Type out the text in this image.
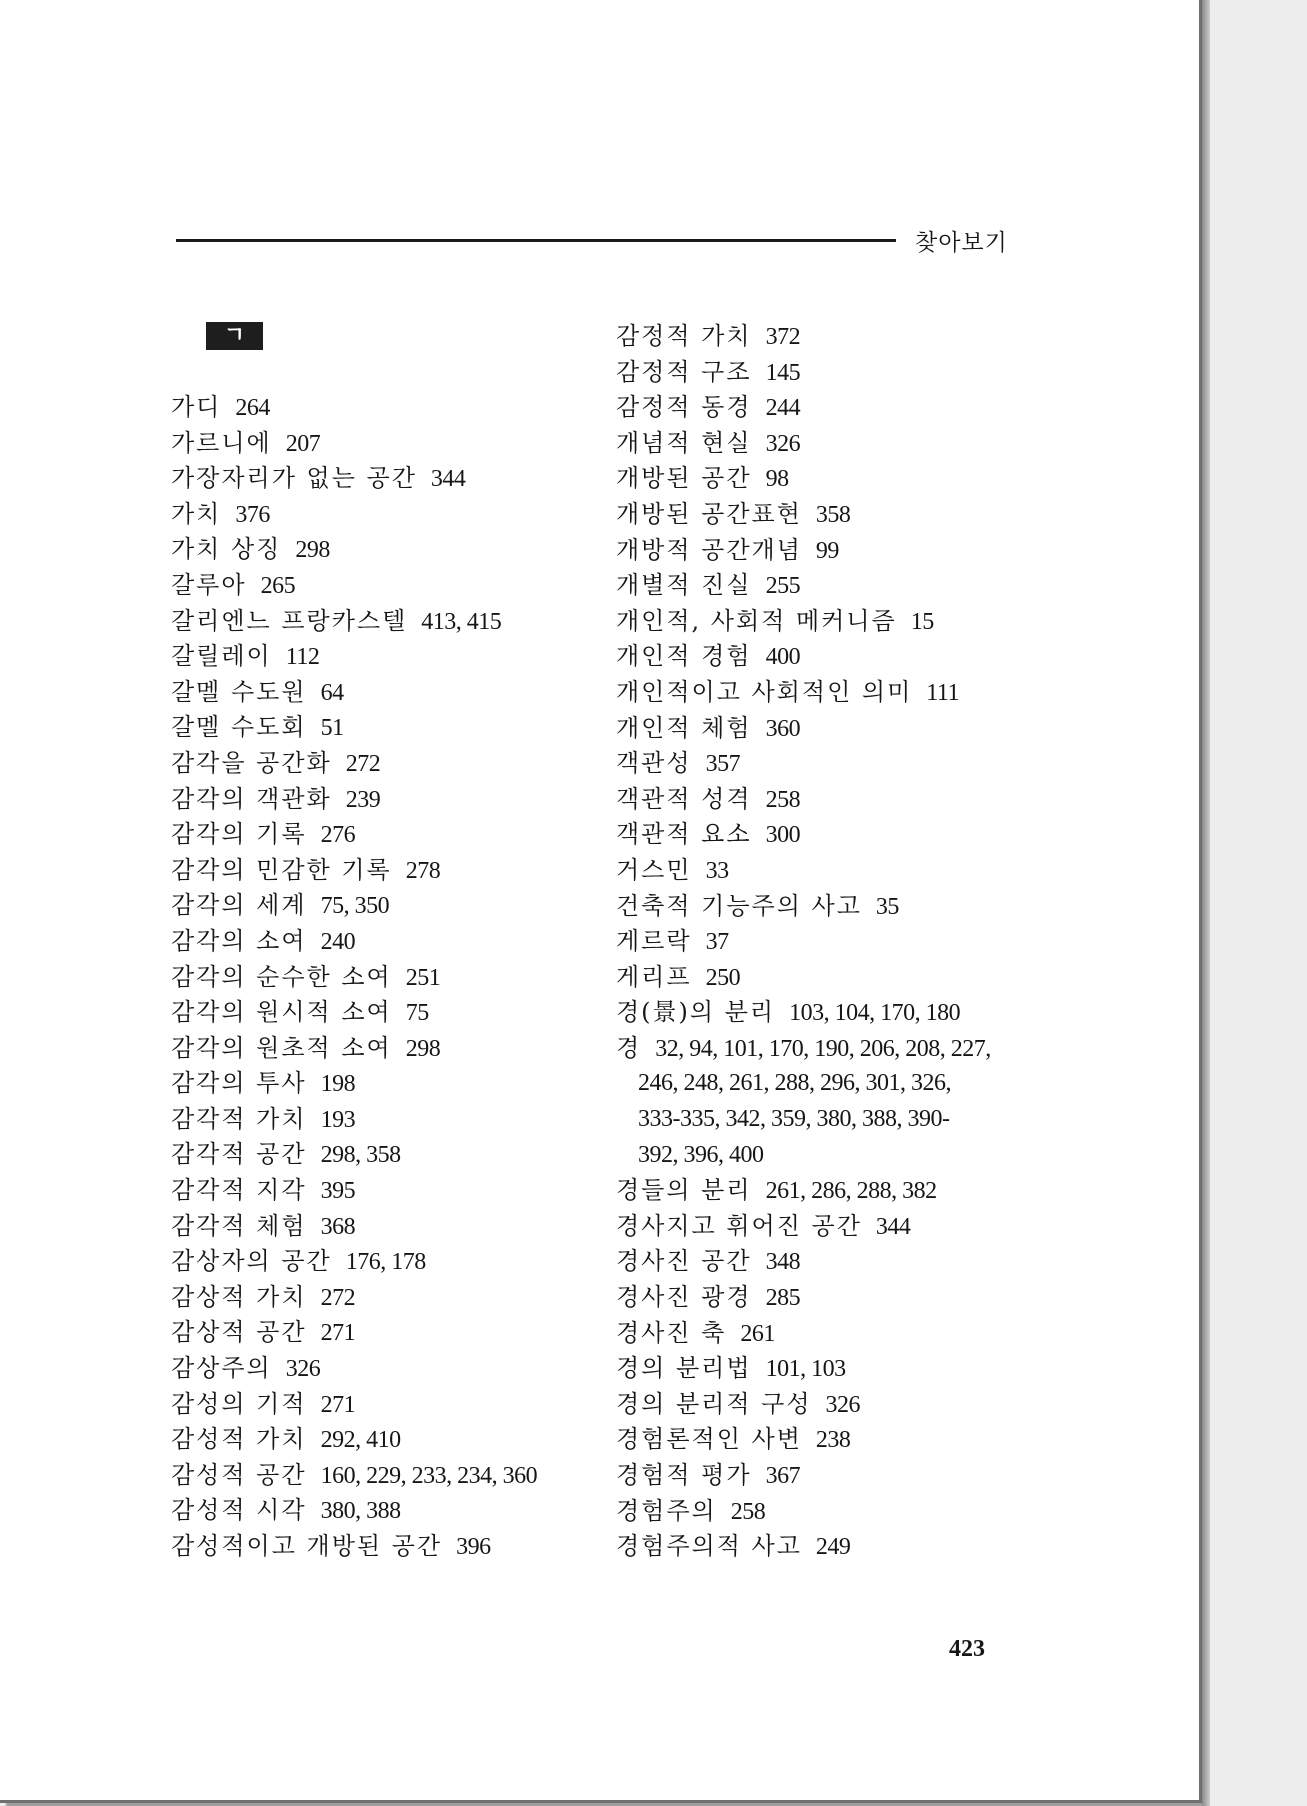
찾아보기
ㄱ
가디 264
가르니에 207
가장자리가 없는 공간 344
가치 376
가치 상징 298
갈루아 265
갈리엔느 프랑카스텔 413, 415
갈릴레이 112
갈멜 수도원 64
갈멜 수도회 51
감각을 공간화 272
감각의 객관화 239
감각의 기록 276
감각의 민감한 기록 278
감각의 세계 75, 350
감각의 소여 240
감각의 순수한 소여 251
감각의 원시적 소여 75
감각의 원초적 소여 298
감각의 투사 198
감각적 가치 193
감각적 공간 298, 358
감각적 지각 395
감각적 체험 368
감상자의 공간 176, 178
감상적 가치 272
감상적 공간 271
감상주의 326
감성의 기적 271
감성적 가치 292, 410
감성적 공간 160, 229, 233, 234, 360
감성적 시각 380, 388
감성적이고 개방된 공간 396
감정적 가치 372
감정적 구조 145
감정적 동경 244
개념적 현실 326
개방된 공간 98
개방된 공간표현 358
개방적 공간개념 99
개별적 진실 255
개인적, 사회적 메커니즘 15
개인적 경험 400
개인적이고 사회적인 의미 111
개인적 체험 360
객관성 357
객관적 성격 258
객관적 요소 300
거스민 33
건축적 기능주의 사고 35
게르락 37
게리프 250
경(景)의 분리 103, 104, 170, 180
경 32, 94, 101, 170, 190, 206, 208, 227,
246, 248, 261, 288, 296, 301, 326,
333-335, 342, 359, 380, 388, 390-
392, 396, 400
경들의 분리 261, 286, 288, 382
경사지고 휘어진 공간 344
경사진 공간 348
경사진 광경 285
경사진 축 261
경의 분리법 101, 103
경의 분리적 구성 326
경험론적인 사변 238
경험적 평가 367
경험주의 258
경험주의적 사고 249
423
